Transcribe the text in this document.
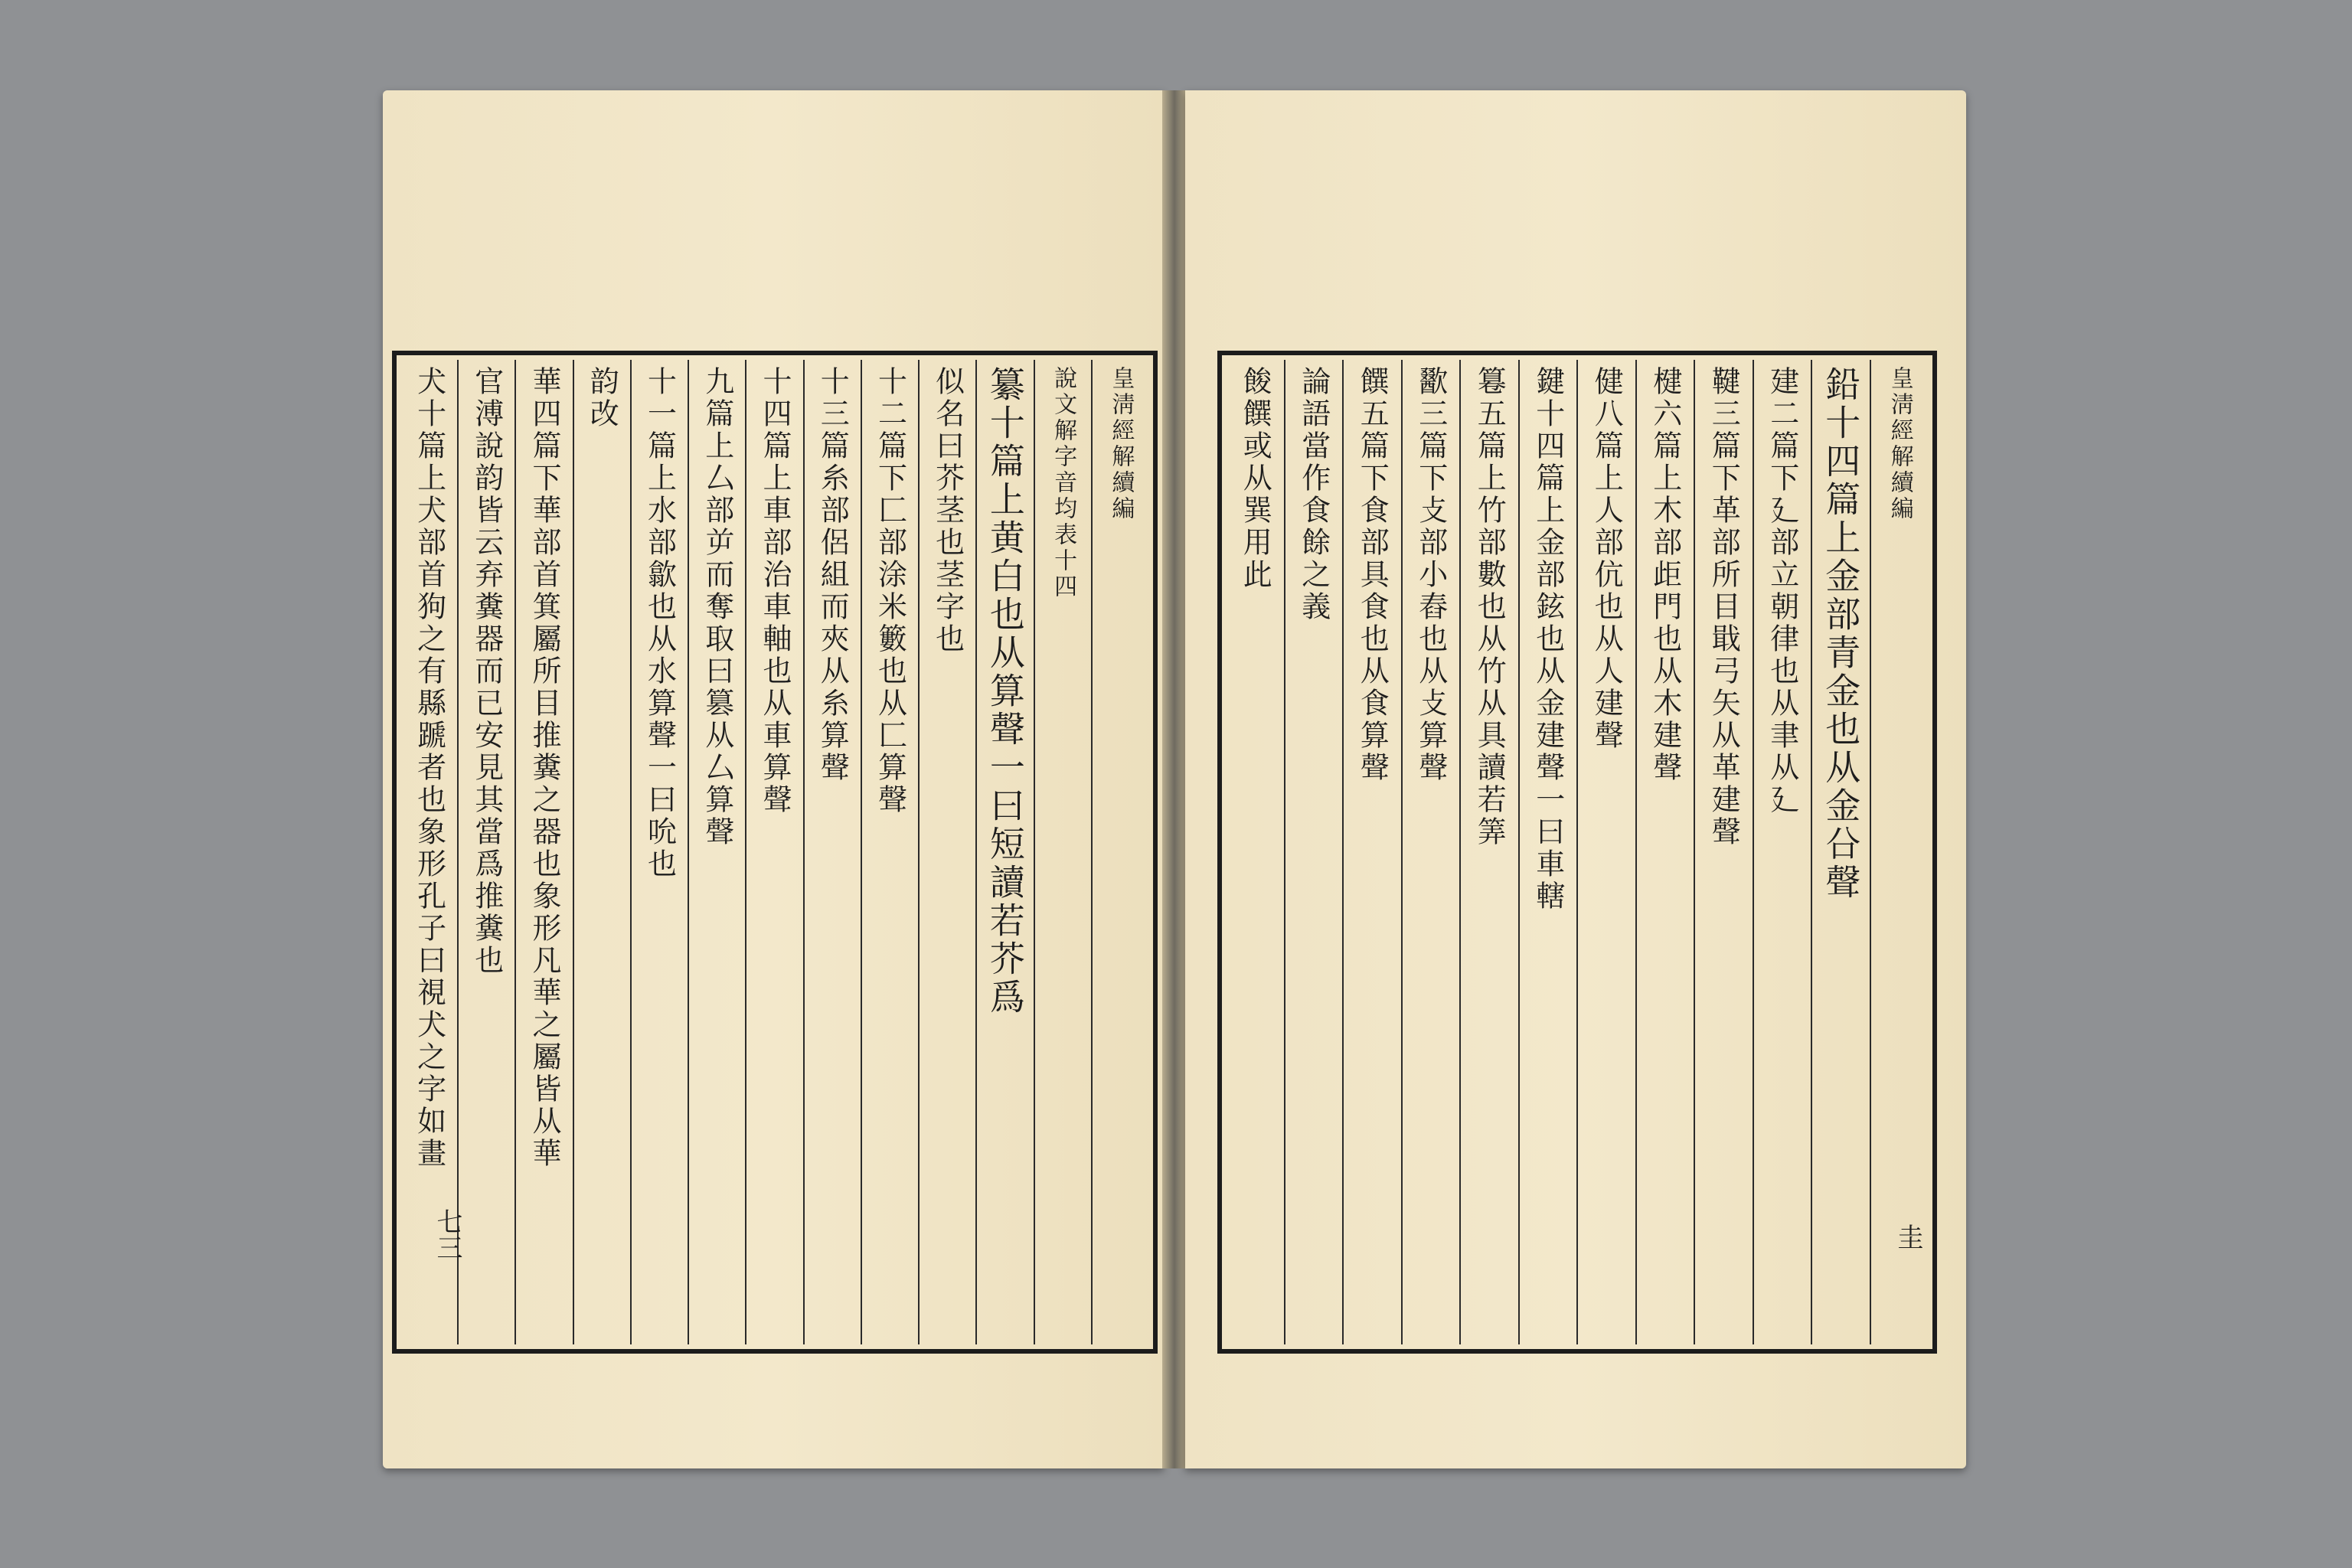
皇淸經解續編
說文解字音均表十四
纂十篇上黄白也从算聲一曰短讀若芥爲
似名曰芥茎也茎字也
十二篇下匚部涂米籔也从匚算聲
十三篇糸部侶組而夾从糸算聲
十四篇上車部治車軸也从車算聲
九篇上厶部屰而奪取曰篡从厶算聲
十一篇上水部歙也从水算聲一曰吮也
韵改
華四篇下華部首箕屬所目推糞之器也象形凡華之屬皆从華
官溥說韵皆云弃糞器而已安見其當爲推糞也
犬十篇上犬部首狗之有縣蹏者也象形孔子曰視犬之字如畫
七三
皇淸經解續編
鉛十四篇上金部青金也从金㕣聲
建二篇下廴部立朝律也从聿从廴
鞬三篇下革部所目戢弓矢从革建聲
楗六篇上木部歫門也从木建聲
健八篇上人部伉也从人建聲
鍵十四篇上金部鉉也从金建聲一曰車轄
篹五篇上竹部數也从竹从具讀若筭
歠三篇下攴部小舂也从攴算聲
饌五篇下食部具食也从食算聲
論語當作食餘之義
餕饌或从巽用此
圭
